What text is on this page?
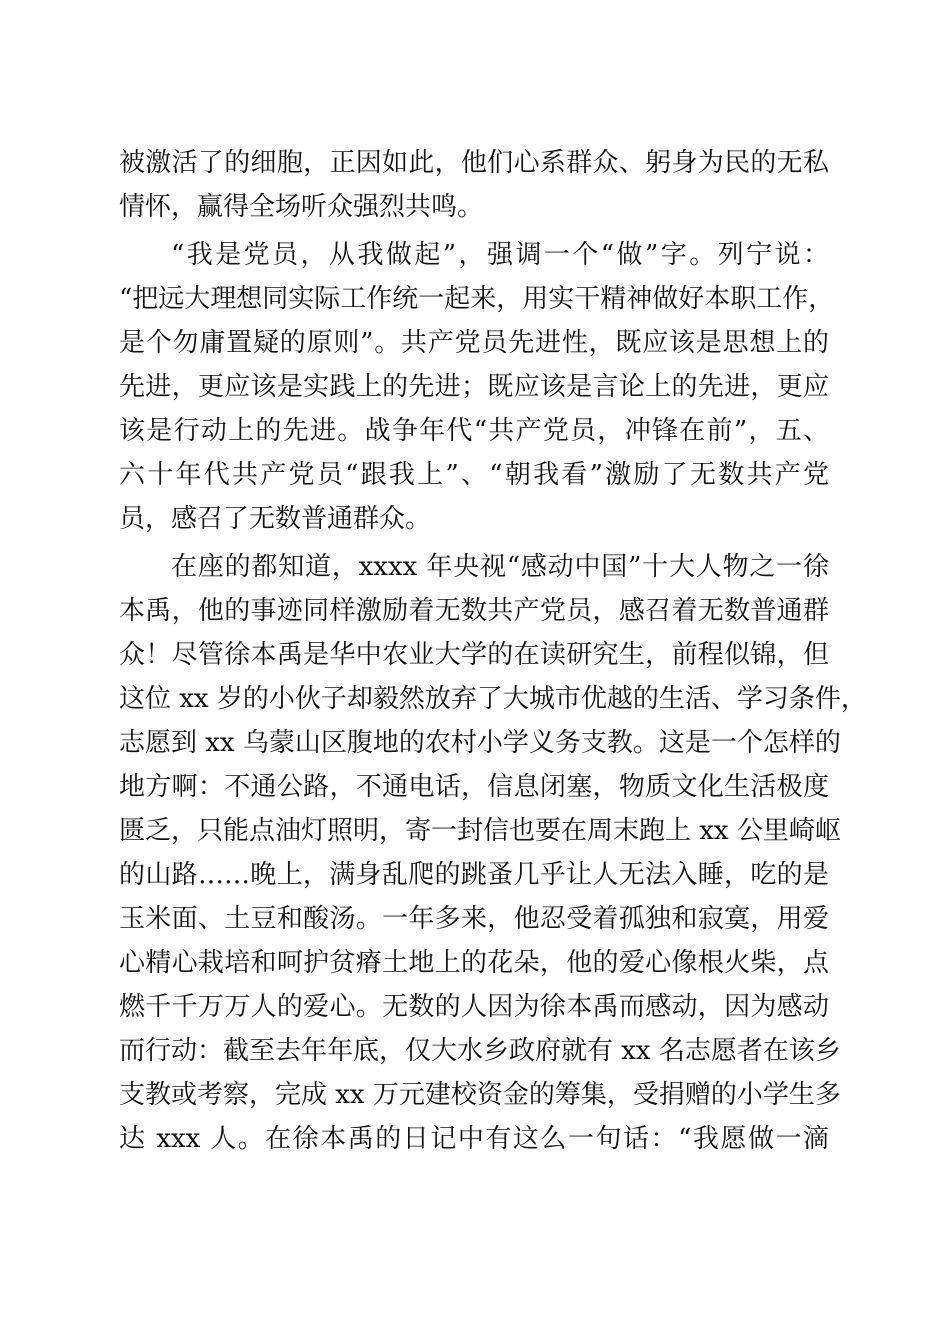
被激活了的细胞，正因如此，他们心系群众、躬身为民的无私
情怀，赢得全场听众强烈共鸣。
“我是党员，从我做起”，强调一个“做”字。列宁说：
“把远大理想同实际工作统一起来，用实干精神做好本职工作，
是个勿庸置疑的原则”。共产党员先进性，既应该是思想上的
先进，更应该是实践上的先进；既应该是言论上的先进，更应
该是行动上的先进。战争年代“共产党员，冲锋在前”，五、
六十年代共产党员“跟我上”、“朝我看”激励了无数共产党
员，感召了无数普通群众。
在座的都知道，xxxx 年央视“感动中国”十大人物之一徐
本禹，他的事迹同样激励着无数共产党员，感召着无数普通群
众！尽管徐本禹是华中农业大学的在读研究生，前程似锦，但
这位 xx 岁的小伙子却毅然放弃了大城市优越的生活、学习条件，
志愿到 xx 乌蒙山区腹地的农村小学义务支教。这是一个怎样的
地方啊：不通公路，不通电话，信息闭塞，物质文化生活极度
匮乏，只能点油灯照明，寄一封信也要在周末跑上 xx 公里崎岖
的山路……晚上，满身乱爬的跳蚤几乎让人无法入睡，吃的是
玉米面、土豆和酸汤。一年多来，他忍受着孤独和寂寞，用爱
心精心栽培和呵护贫瘠土地上的花朵，他的爱心像根火柴，点
燃千千万万人的爱心。无数的人因为徐本禹而感动，因为感动
而行动：截至去年年底，仅大水乡政府就有 xx 名志愿者在该乡
支教或考察，完成 xx 万元建校资金的筹集，受捐赠的小学生多
达 xxx 人。在徐本禹的日记中有这么一句话：“我愿做一滴
